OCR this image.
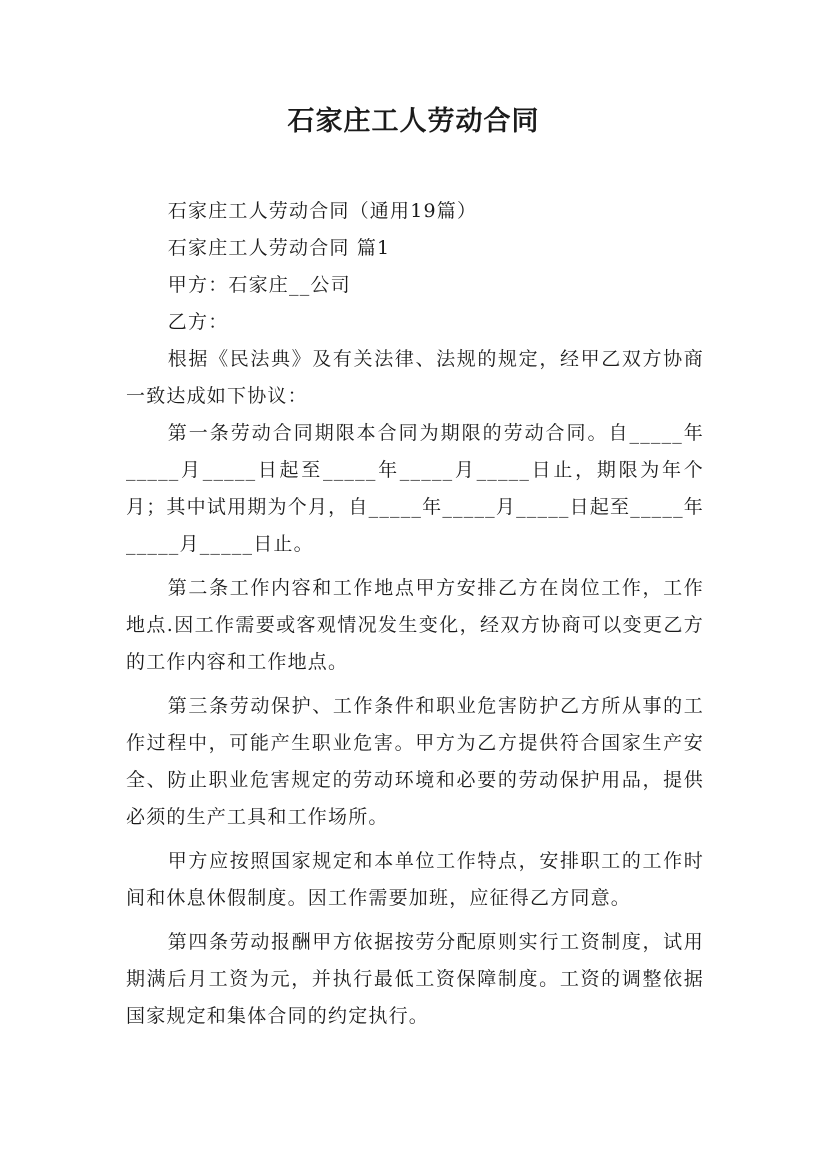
石家庄工人劳动合同

石家庄工人劳动合同（通用19篇）

石家庄工人劳动合同 篇1

甲方：石家庄__公司

乙方：

根据《民法典》及有关法律、法规的规定，经甲乙双方协商一致达成如下协议：

第一条劳动合同期限本合同为期限的劳动合同。自_____年_____月_____日起至_____年_____月_____日止，期限为年个月；其中试用期为个月，自_____年_____月_____日起至_____年_____月_____日止。

第二条工作内容和工作地点甲方安排乙方在岗位工作，工作地点.因工作需要或客观情况发生变化，经双方协商可以变更乙方的工作内容和工作地点。

第三条劳动保护、工作条件和职业危害防护乙方所从事的工作过程中，可能产生职业危害。甲方为乙方提供符合国家生产安全、防止职业危害规定的劳动环境和必要的劳动保护用品，提供必须的生产工具和工作场所。

甲方应按照国家规定和本单位工作特点，安排职工的工作时间和休息休假制度。因工作需要加班，应征得乙方同意。

第四条劳动报酬甲方依据按劳分配原则实行工资制度，试用期满后月工资为元，并执行最低工资保障制度。工资的调整依据国家规定和集体合同的约定执行。
